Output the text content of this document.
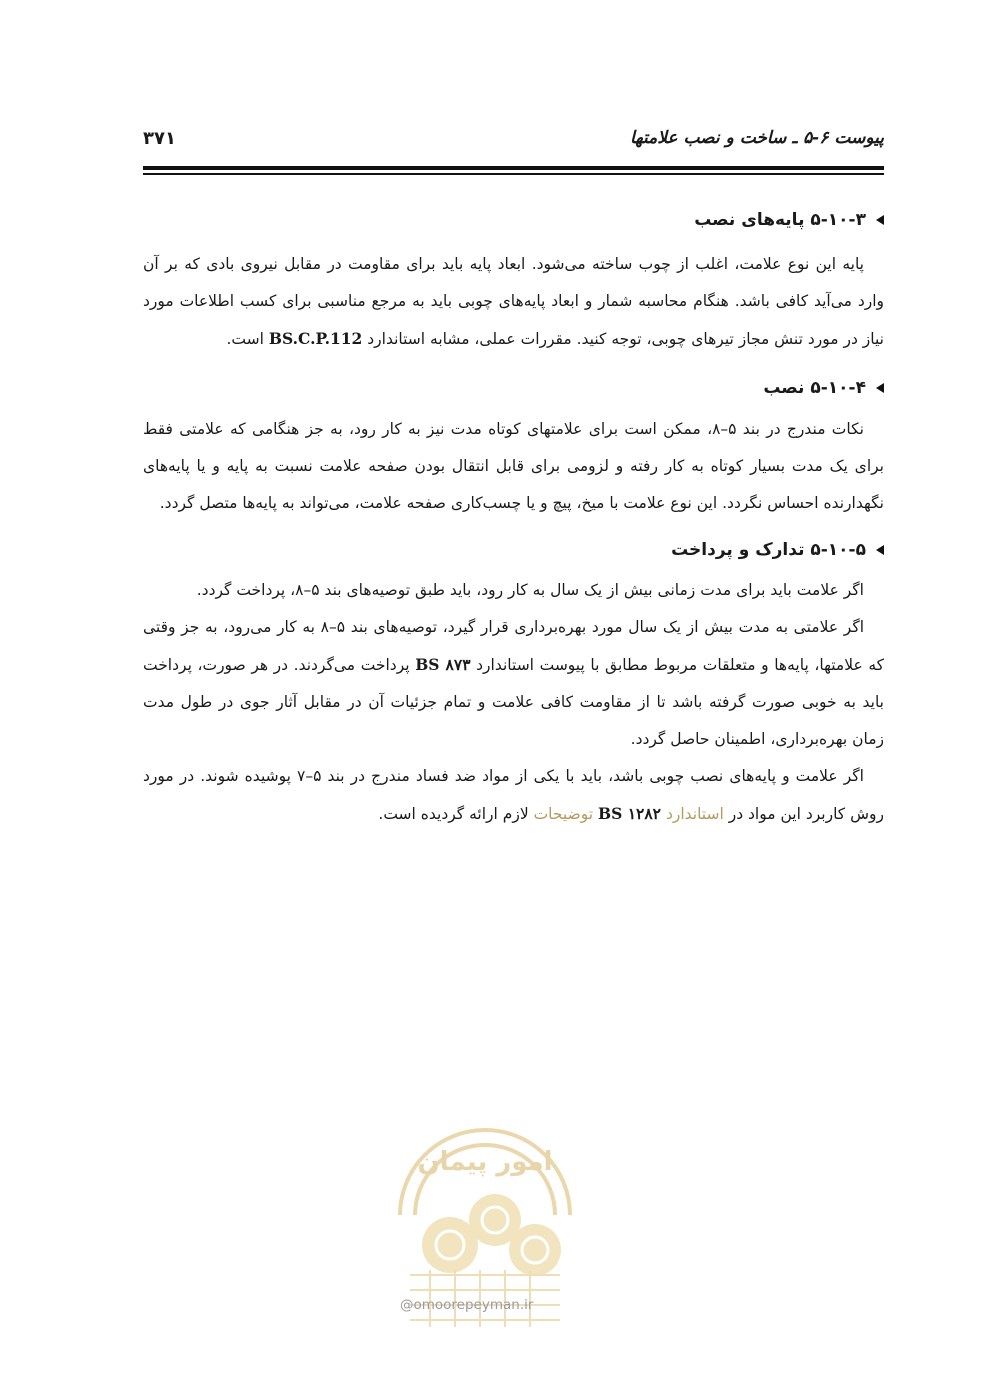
پیوست ۶-۵ ـ ساخت و نصب علامتها
۳۷۱
۵-۱۰-۳ پایه‌های نصب

پایه این نوع علامت، اغلب از چوب ساخته می‌شود. ابعاد پایه باید برای مقاومت در مقابل نیروی بادی که بر آن وارد می‌آید کافی باشد. هنگام محاسبه شمار و ابعاد پایه‌های چوبی باید به مرجع مناسبی برای کسب اطلاعات مورد نیاز در مورد تنش مجاز تیرهای چوبی، توجه کنید. مقررات عملی، مشابه استاندارد BS.C.P.112 است.

۵-۱۰-۴ نصب

نکات مندرج در بند ۵–۸، ممکن است برای علامتهای کوتاه مدت نیز به کار رود، به جز هنگامی که علامتی فقط برای یک مدت بسیار کوتاه به کار رفته و لزومی برای قابل انتقال بودن صفحه علامت نسبت به پایه و یا پایه‌های نگهدارنده احساس نگردد. این نوع علامت با میخ، پیچ و یا چسب‌کاری صفحه علامت، می‌تواند به پایه‌ها متصل گردد.

۵-۱۰-۵ تدارک و پرداخت

اگر علامت باید برای مدت زمانی بیش از یک سال به کار رود، باید طبق توصیه‌های بند ۵–۸، پرداخت گردد.

اگر علامتی به مدت بیش از یک سال مورد بهره‌برداری قرار گیرد، توصیه‌های بند ۵–۸ به کار می‌رود، به جز وقتی که علامتها، پایه‌ها و متعلقات مربوط مطابق با پیوست استاندارد BS ۸۷۳ پرداخت می‌گردند. در هر صورت، پرداخت باید به خوبی صورت گرفته باشد تا از مقاومت کافی علامت و تمام جزئیات آن در مقابل آثار جوی در طول مدت زمان بهره‌برداری، اطمینان حاصل گردد.

اگر علامت و پایه‌های نصب چوبی باشد، باید با یکی از مواد ضد فساد مندرج در بند ۵–۷ پوشیده شوند. در مورد روش کاربرد این مواد در استاندارد BS ۱۲۸۲ توضیحات لازم ارائه گردیده است.

امور پیمان
@omoorepeyman.ir
